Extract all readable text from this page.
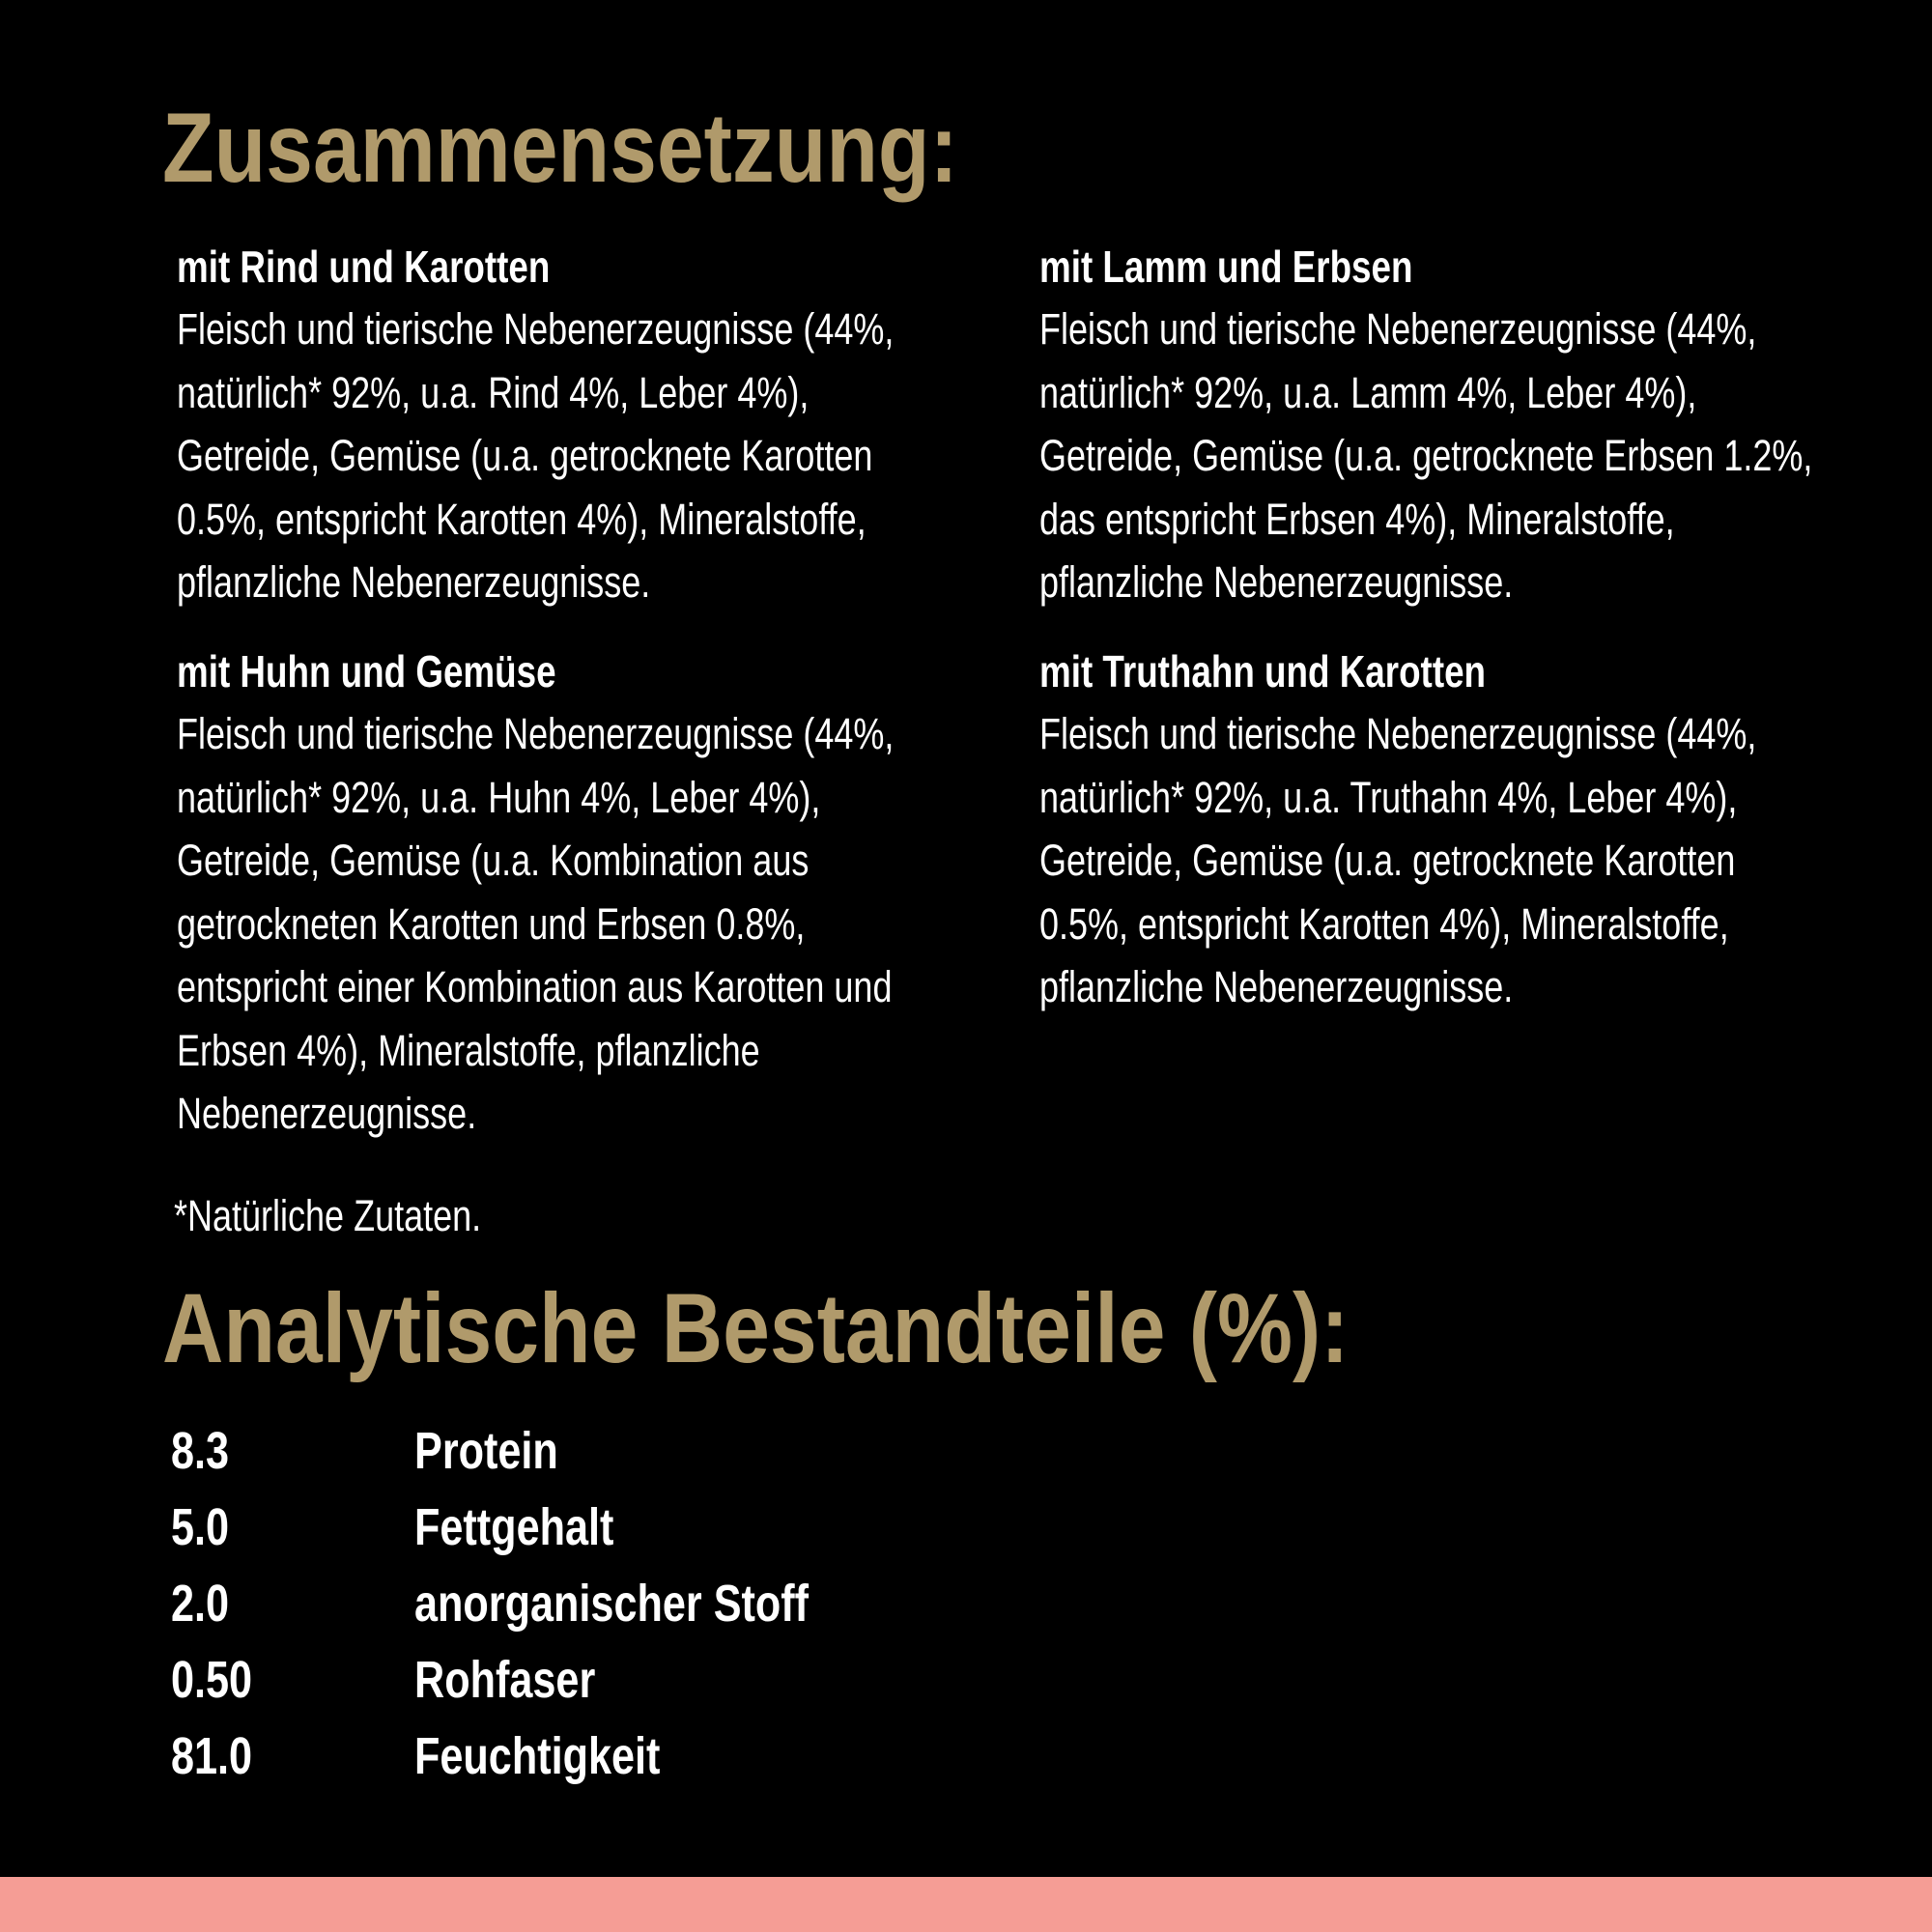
Zusammensetzung:
mit Rind und Karotten
Fleisch und tierische Nebenerzeugnisse (44%,
natürlich* 92%, u.a. Rind 4%, Leber 4%),
Getreide, Gemüse (u.a. getrocknete Karotten
0.5%, entspricht Karotten 4%), Mineralstoffe,
pflanzliche Nebenerzeugnisse.
mit Lamm und Erbsen
Fleisch und tierische Nebenerzeugnisse (44%,
natürlich* 92%, u.a. Lamm 4%, Leber 4%),
Getreide, Gemüse (u.a. getrocknete Erbsen 1.2%,
das entspricht Erbsen 4%), Mineralstoffe,
pflanzliche Nebenerzeugnisse.
mit Huhn und Gemüse
Fleisch und tierische Nebenerzeugnisse (44%,
natürlich* 92%, u.a. Huhn 4%, Leber 4%),
Getreide, Gemüse (u.a. Kombination aus
getrockneten Karotten und Erbsen 0.8%,
entspricht einer Kombination aus Karotten und
Erbsen 4%), Mineralstoffe, pflanzliche
Nebenerzeugnisse.
mit Truthahn und Karotten
Fleisch und tierische Nebenerzeugnisse (44%,
natürlich* 92%, u.a. Truthahn 4%, Leber 4%),
Getreide, Gemüse (u.a. getrocknete Karotten
0.5%, entspricht Karotten 4%), Mineralstoffe,
pflanzliche Nebenerzeugnisse.
*Natürliche Zutaten.
Analytische Bestandteile (%):
8.3	Protein
5.0	Fettgehalt
2.0	anorganischer Stoff
0.50	Rohfaser
81.0	Feuchtigkeit
